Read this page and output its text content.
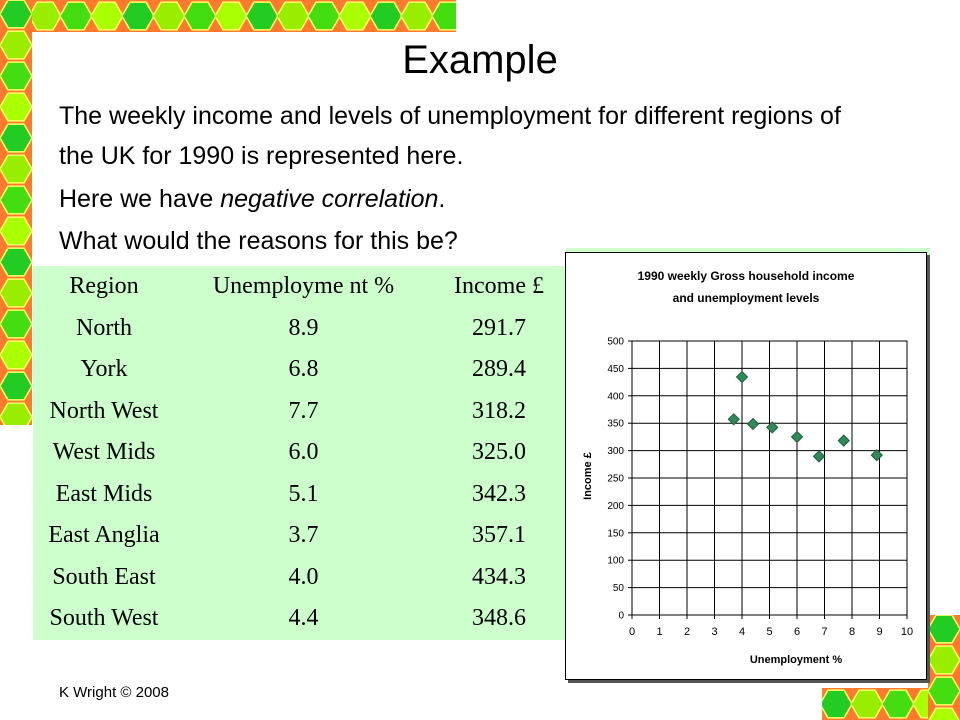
Example
The weekly income and levels of unemployment for different regions of the UK for 1990 is represented here.
Here we have negative correlation.
What would the reasons for this be?
Region	Unemployme nt %	Income £
North	8.9	291.7
York	6.8	289.4
North West	7.7	318.2
West Mids	6.0	325.0
East Mids	5.1	342.3
East Anglia	3.7	357.1
South East	4.0	434.3
South West	4.4	348.6
1990 weekly Gross household income
and unemployment levels
Unemployment %
Income £
0 1 2 3 4 5 6 7 8 9 10
0
50
100
150
200
250
300
350
400
450
500
K Wright © 2008
